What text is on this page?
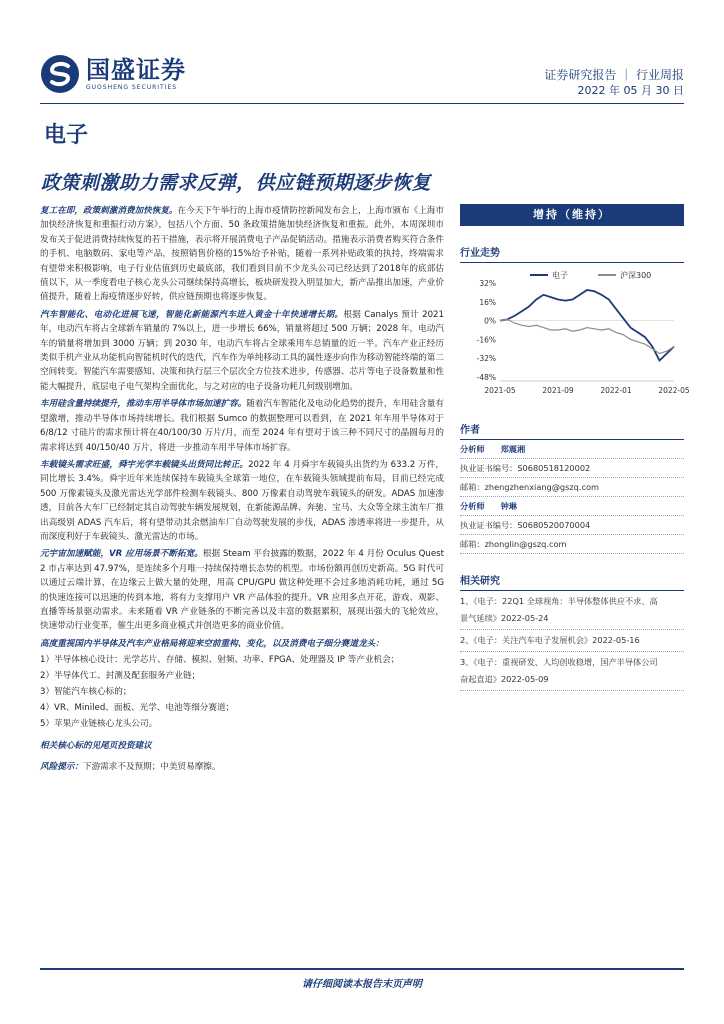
国盛证券
GUOSHENG SECURITIES
证券研究报告 ｜ 行业周报
2022 年 05 月 30 日
电子
政策刺激助力需求反弹，供应链预期逐步恢复

复工在即，政策刺激消费加快恢复。在今天下午举行的上海市疫情防控新闻发布会上，上海市颁布《上海市加快经济恢复和重振行动方案》，包括八个方面、50 条政策措施加快经济恢复和重振。此外，本周深圳市发布关于促进消费持续恢复的若干措施，表示将开展消费电子产品促销活动。措施表示消费者购买符合条件的手机、电脑数码、家电等产品，按照销售价格的15%给予补贴，随着一系列补贴政策的执持，终端需求有望带来积极影响，电子行业估值到历史最底部，我们看到目前不少龙头公司已经达到了2018年的底部估值以下，从一季度看电子核心龙头公司继续保持高增长，板块研发投入明显加大，新产品推出加速，产业价值提升，随着上海疫情逐步好转，供应链预期也将逐步恢复。

汽车智能化、电动化进展飞速，智能化新能源汽车进入黄金十年快速增长期。根据 Canalys 预计 2021 年，电动汽车将占全球新车销量的 7%以上，进一步增长 66%，销量将超过 500 万辆；2028 年，电动汽车的销量将增加到 3000 万辆；到 2030 年，电动汽车将占全球乘用车总销量的近一半。汽车产业正经历类似手机产业从功能机向智能机时代的迭代，汽车作为单纯移动工具的属性逐步向作为移动智能终端的第二空间转变。智能汽车需要感知、决策和执行层三个层次全方位技术进步，传感器、芯片等电子设备数量和性能大幅提升，底层电子电气架构全面优化，与之对应的电子设备功耗几何级别增加。

车用硅含量持续提升，推动车用半导体市场加速扩容。随着汽车智能化及电动化趋势的提升，车用硅含量有望激增，推动半导体市场持续增长。我们根据 Sumco 的数据整理可以看到，在 2021 年车用半导体对于 6/8/12 寸硅片的需求预计将在40/100/30 万片/月，而至 2024 年有望对于该三种不同尺寸的晶圆每月的需求将达到 40/150/40 万片，将进一步推动车用半导体市场扩容。

车载镜头需求旺盛，舜宇光学车载镜头出货同比转正。2022 年 4 月舜宇车载镜头出货约为 633.2 万件，同比增长 3.4%。舜宇近年来连续保持车载镜头全球第一地位，在车载镜头领域提前布局，目前已经完成 500 万像素镜头及激光雷达光学部件检测车载镜头、800 万像素自动驾驶车载镜头的研发。ADAS 加速渗透，目前各大车厂已经制定其自动驾驶车辆发展规划，在新能源品牌、奔驰、宝马、大众等全球主流车厂推出高级别 ADAS 汽车后，将有望带动其余燃油车厂自动驾驶发展的步伐，ADAS 渗透率将进一步提升，从而深度利好于车载镜头、激光雷达的市场。

元宇宙加速赋能，VR 应用场景不断拓宽。根据 Steam 平台披露的数据，2022 年 4 月份 Oculus Quest 2 市占率达到 47.97%，是连续多个月唯一持续保持增长态势的机型。市场份额再创历史新高。5G 时代可以通过云端计算，在边缘云上做大量的处理，用高 CPU/GPU 做这种处理不会过多地消耗功耗，通过 5G 的快速连接可以迅速的传到本地，将有力支撑用户 VR 产品体验的提升。VR 应用多点开花，游戏、观影、直播等场景驱动需求。未来随着 VR 产业链条的不断完善以及丰富的数据累积，展现出强大的飞轮效应，快速带动行业变革，催生出更多商业模式并创造更多的商业价值。

高度重视国内半导体及汽车产业格局将迎来空前重构、变化，以及消费电子细分赛道龙头：
1）半导体核心设计：光学芯片、存储、模拟、射频、功率、FPGA、处理器及 IP 等产业机会；
2）半导体代工、封测及配套服务产业链；
3）智能汽车核心标的；
4）VR、Miniled、面板、光学、电池等细分赛道；
5）苹果产业链核心龙头公司。
相关核心标的见尾页投资建议
风险提示：下游需求不及预期；中美贸易摩擦。
增持（维持）
行业走势
32%
16%
0%
-16%
-32%
-48%
2021-05	2021-09	2022-01	2022-05
电子	沪深300
作者
分析师 郑震湘
执业证书编号：S0680518120002
邮箱：zhengzhenxiang@gszq.com
分析师 钟琳
执业证书编号：S0680520070004
邮箱：zhonglin@gszq.com
相关研究
1、《电子：22Q1 全球视角：半导体整体供应不求、高
景气延续》2022-05-24
2、《电子：关注汽车电子发展机会》2022-05-16
3、《电子：重视研发、人均创收稳增，国产半导体公司
奋起直追》2022-05-09
请仔细阅读本报告末页声明
